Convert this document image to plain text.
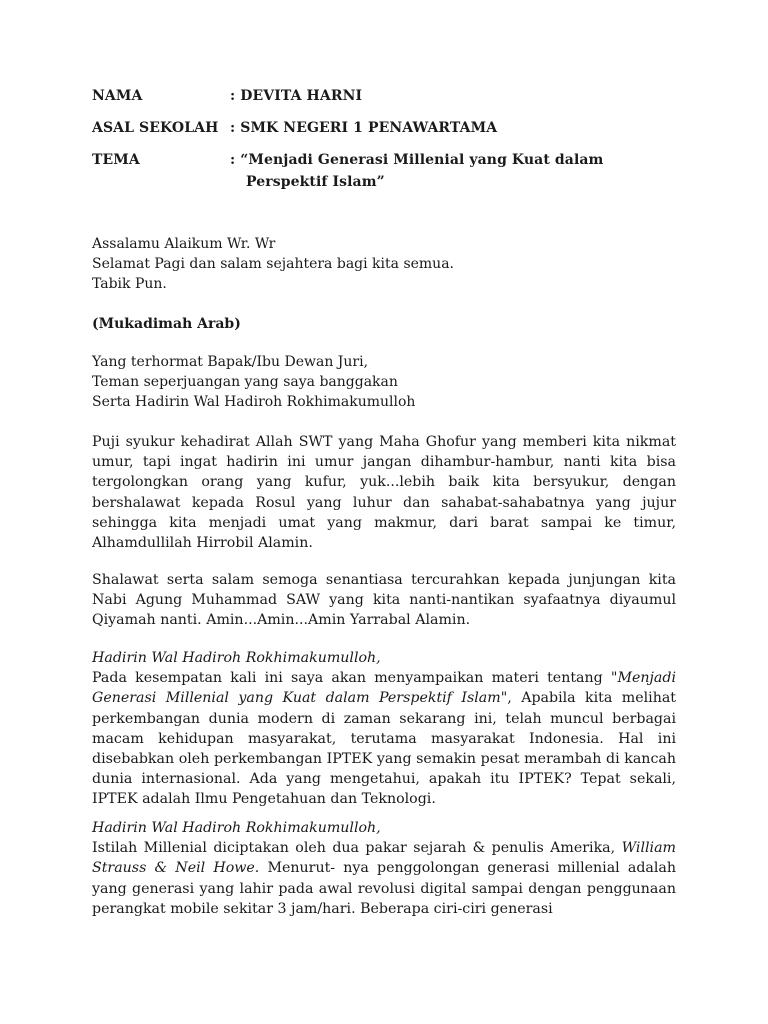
NAMA	: DEVITA HARNI
ASAL SEKOLAH : SMK NEGERI 1 PENAWARTAMA
TEMA	: “Menjadi Generasi Millenial yang Kuat dalam
Perspektif Islam”
Assalamu Alaikum Wr. Wr
Selamat Pagi dan salam sejahtera bagi kita semua.
Tabik Pun.
(Mukadimah Arab)
Yang terhormat Bapak/Ibu Dewan Juri,
Teman seperjuangan yang saya banggakan
Serta Hadirin Wal Hadiroh Rokhimakumulloh

Puji syukur kehadirat Allah SWT yang Maha Ghofur yang memberi kita nikmat umur, tapi ingat hadirin ini umur jangan dihambur-hambur, nanti kita bisa tergolongkan orang yang kufur, yuk...lebih baik kita bersyukur, dengan bershalawat kepada Rosul yang luhur dan sahabat-sahabatnya yang jujur sehingga kita menjadi umat yang makmur, dari barat sampai ke timur, Alhamdullilah Hirrobil Alamin.

Shalawat serta salam semoga senantiasa tercurahkan kepada junjungan kita Nabi Agung Muhammad SAW yang kita nanti-nantikan syafaatnya diyaumul Qiyamah nanti. Amin...Amin...Amin Yarrabal Alamin.

Hadirin Wal Hadiroh Rokhimakumulloh,

Pada kesempatan kali ini saya akan menyampaikan materi tentang "Menjadi Generasi Millenial yang Kuat dalam Perspektif Islam", Apabila kita melihat perkembangan dunia modern di zaman sekarang ini, telah muncul berbagai macam kehidupan masyarakat, terutama masyarakat Indonesia. Hal ini disebabkan oleh perkembangan IPTEK yang semakin pesat merambah di kancah dunia internasional. Ada yang mengetahui, apakah itu IPTEK? Tepat sekali, IPTEK adalah Ilmu Pengetahuan dan Teknologi.

Hadirin Wal Hadiroh Rokhimakumulloh,

Istilah Millenial diciptakan oleh dua pakar sejarah & penulis Amerika, William Strauss & Neil Howe. Menurut- nya penggolongan generasi millenial adalah yang generasi yang lahir pada awal revolusi digital sampai dengan penggunaan perangkat mobile sekitar 3 jam/hari. Beberapa ciri-ciri generasi
